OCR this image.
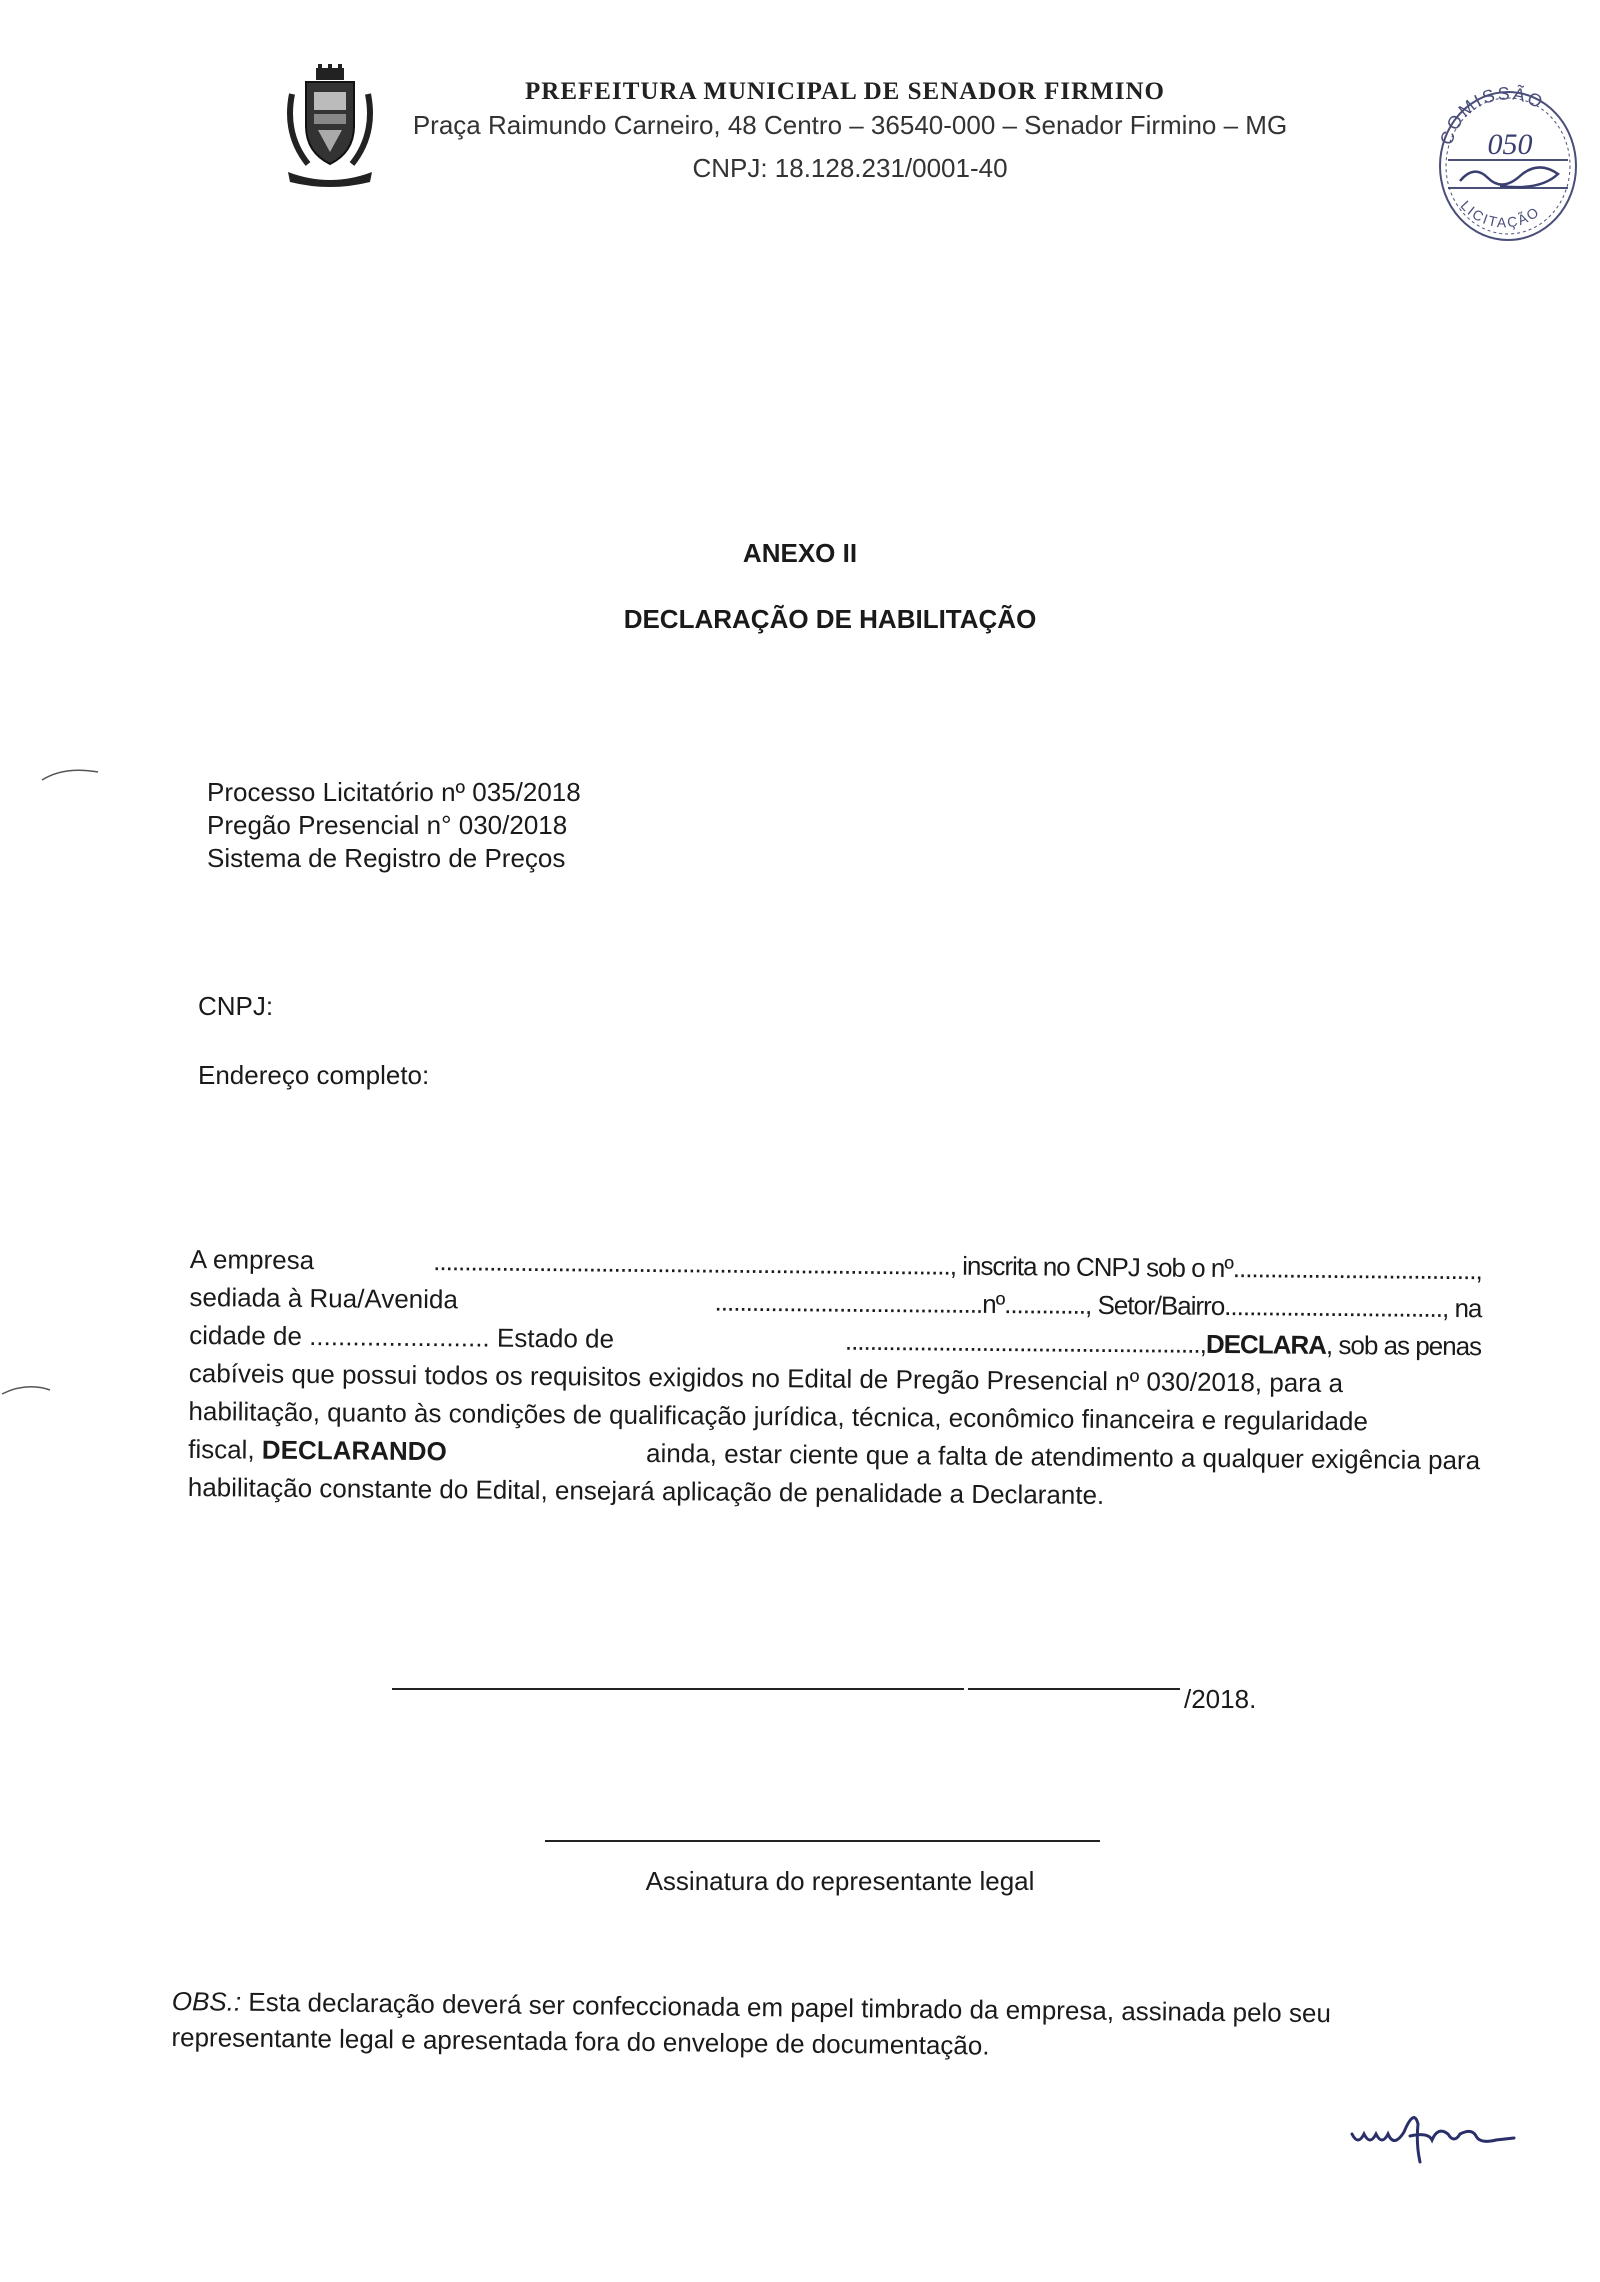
PREFEITURA MUNICIPAL DE SENADOR FIRMINO
Praça Raimundo Carneiro, 48 Centro – 36540-000 – Senador Firmino – MG
CNPJ: 18.128.231/0001-40
COMISSÃO
LICITAÇÃO
050
ANEXO II
DECLARAÇÃO DE HABILITAÇÃO
Processo Licitatório nº 035/2018
Pregão Presencial n° 030/2018
Sistema de Registro de Preços
CNPJ:
Endereço completo:
A empresa
	..................................................................................., inscrita no CNPJ sob o nº.......................................,
sediada à Rua/Avenida
	...........................................nº............., Setor/Bairro..................................., na
cidade de ......................... Estado de
	.........................................................,DECLARA, sob as penas
cabíveis que possui todos os requisitos exigidos no Edital de Pregão Presencial nº 030/2018, para a
habilitação, quanto às condições de qualificação jurídica, técnica, econômico financeira e regularidade
fiscal, DECLARANDO	ainda, estar ciente que a falta de atendimento a qualquer exigência para
habilitação constante do Edital, ensejará aplicação de penalidade a Declarante.
/2018.
Assinatura do representante legal
OBS.: Esta declaração deverá ser confeccionada em papel timbrado da empresa, assinada pelo seu
representante legal e apresentada fora do envelope de documentação.
